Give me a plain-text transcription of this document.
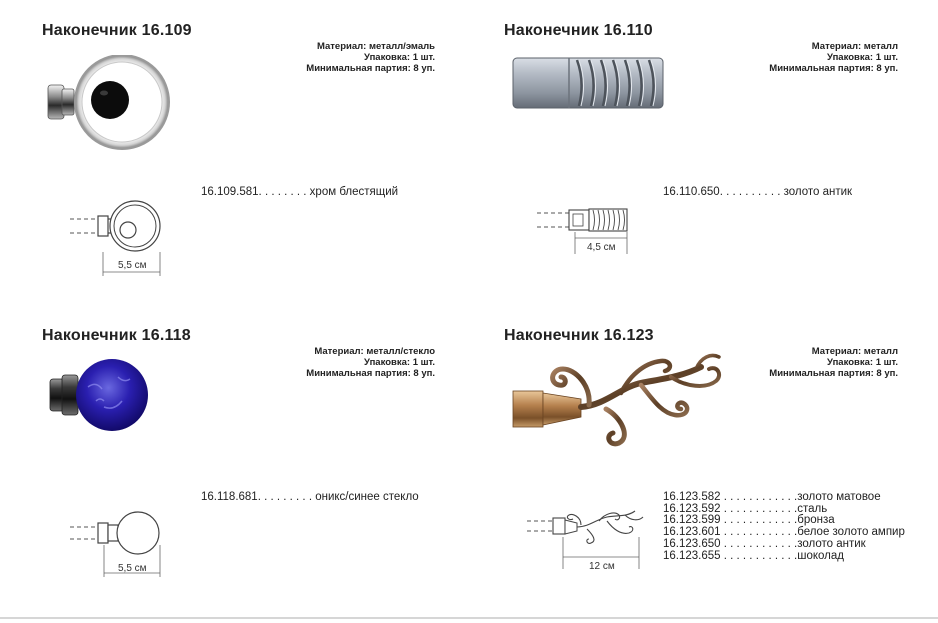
Наконечник 16.109
Материал: металл/эмаль
Упаковка: 1 шт.
Минимальная партия: 8 уп.
16.109.581. . . . . . . . хром блестящий
5,5 см
Наконечник 16.110
Материал: металл
Упаковка: 1 шт.
Минимальная партия: 8 уп.
16.110.650. . . . . . . . . . золото антик
4,5 см
Наконечник 16.118
Материал: металл/стекло
Упаковка: 1 шт.
Минимальная партия: 8 уп.
16.118.681. . . . . . . . . оникс/синее стекло
5,5 см
Наконечник 16.123
Материал: металл
Упаковка: 1 шт.
Минимальная партия: 8 уп.
16.123.582 . . . . . . . . . . . .золото матовое
16.123.592 . . . . . . . . . . . .сталь
16.123.599 . . . . . . . . . . . .бронза
16.123.601 . . . . . . . . . . . .белое золото ампир
16.123.650 . . . . . . . . . . . .золото антик
16.123.655 . . . . . . . . . . . .шоколад
12 см
